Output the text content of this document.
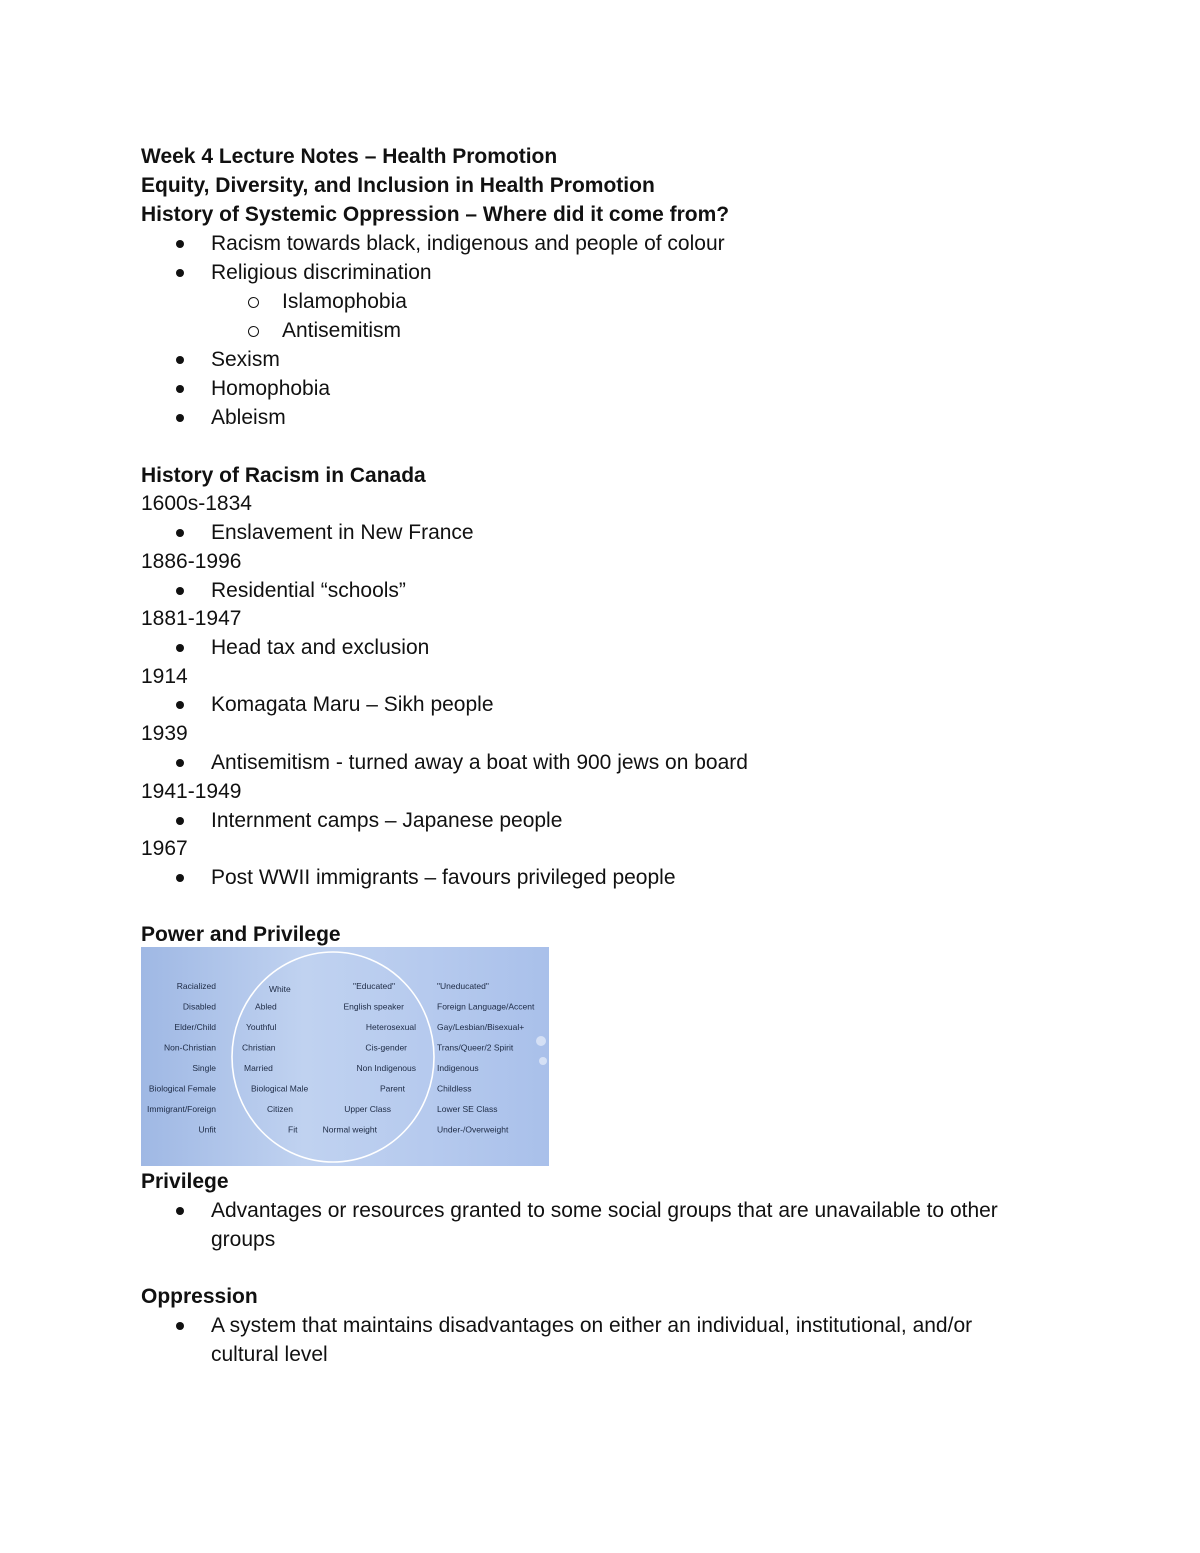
Week 4 Lecture Notes – Health Promotion
Equity, Diversity, and Inclusion in Health Promotion
History of Systemic Oppression – Where did it come from?
Racism towards black, indigenous and people of colour
Religious discrimination
Islamophobia
Antisemitism
Sexism
Homophobia
Ableism
History of Racism in Canada
1600s-1834
Enslavement in New France
1886-1996
Residential “schools”
1881-1947
Head tax and exclusion
1914
Komagata Maru – Sikh people
1939
Antisemitism - turned away a boat with 900 jews on board
1941-1949
Internment camps – Japanese people
1967
Post WWII immigrants – favours privileged people
Power and Privilege
Privilege
Advantages or resources granted to some social groups that are unavailable to other groups
Oppression
A system that maintains disadvantages on either an individual, institutional, and/or cultural level
Racialized
Disabled
Elder/Child
Non-Christian
Single
Biological Female
Immigrant/Foreign
Unfit
White
Abled
Youthful
Christian
Married
Biological Male
Citizen
Fit
"Educated"
English speaker
Heterosexual
Cis-gender
Non Indigenous
Parent
Upper Class
Normal weight
"Uneducated"
Foreign Language/Accent
Gay/Lesbian/Bisexual+
Trans/Queer/2 Spirit
Indigenous
Childless
Lower SE Class
Under-/Overweight
